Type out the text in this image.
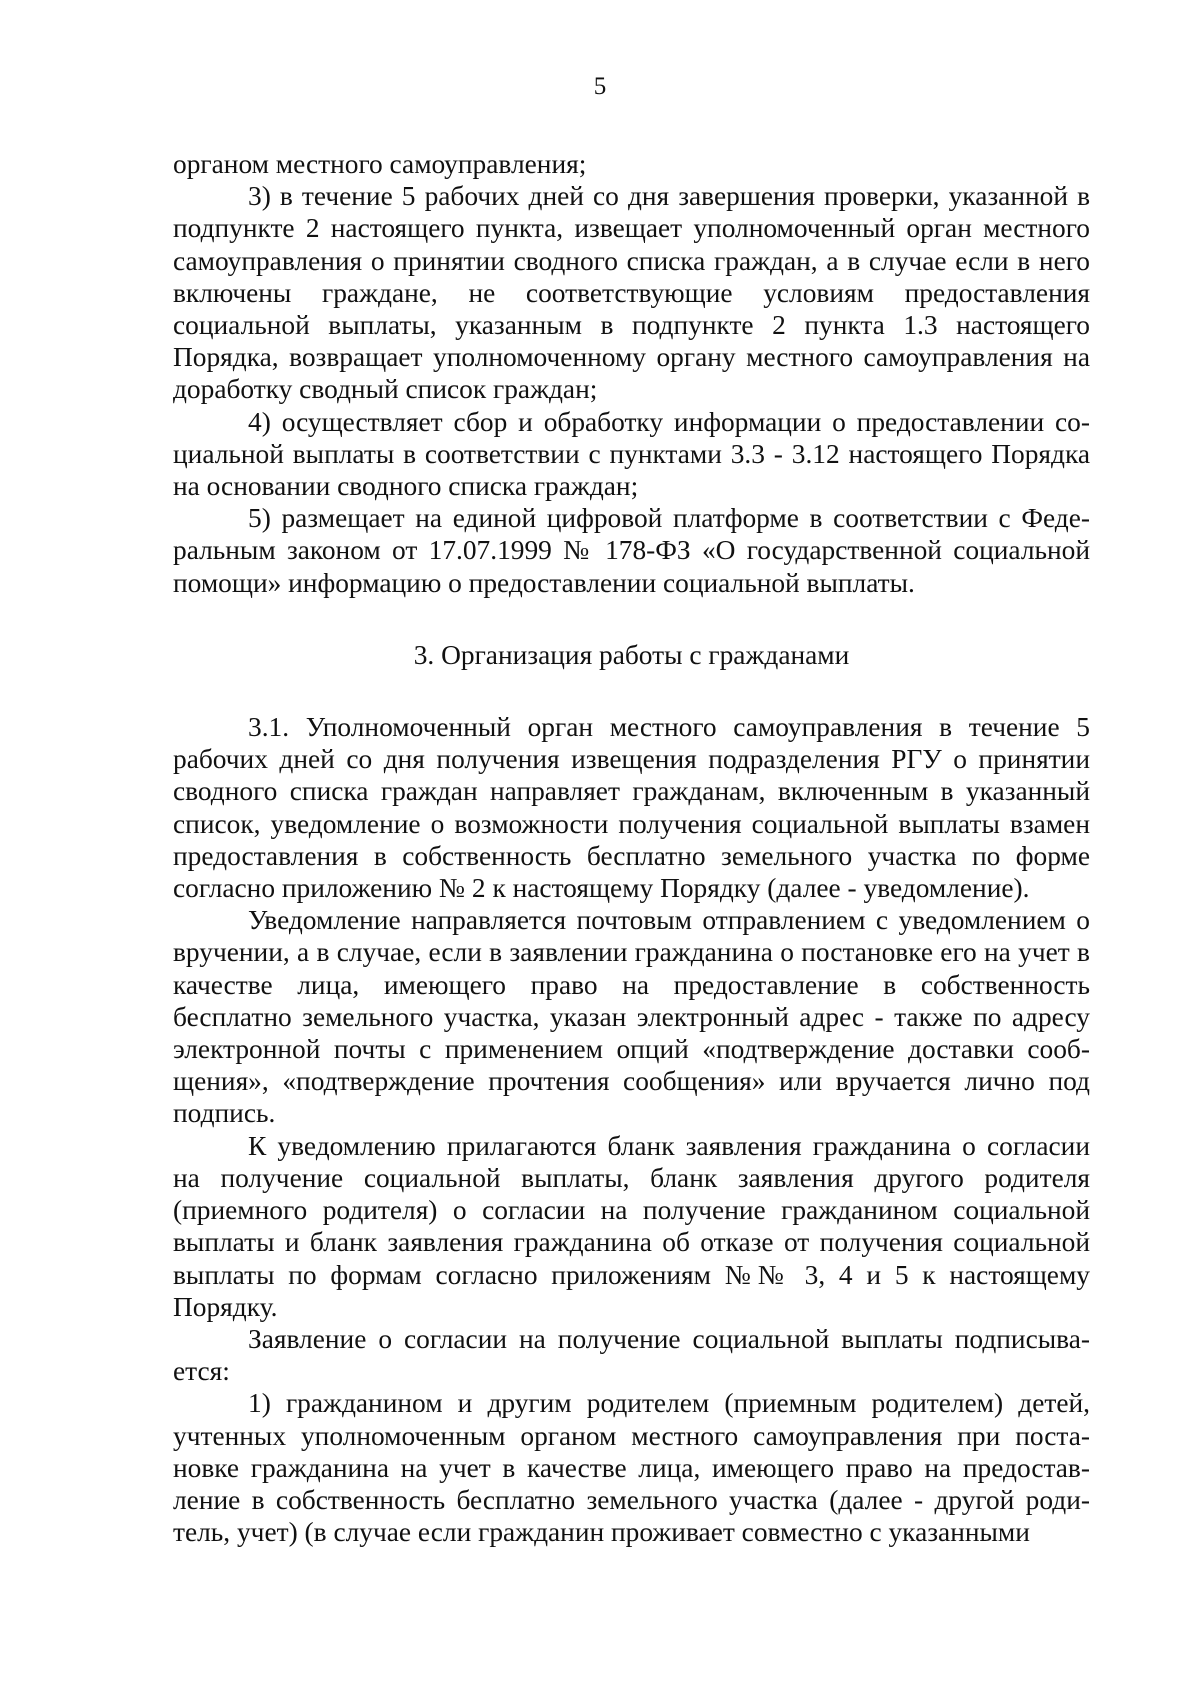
5

органом местного самоуправления;

3) в течение 5 рабочих дней со дня завершения проверки, указанной в подпункте 2 настоящего пункта, извещает уполномоченный орган местного самоуправления о принятии сводного списка граждан, а в случае если в него включены граждане, не соответствующие условиям предоставления социальной выплаты, указанным в подпункте 2 пункта 1.3 настоящего Порядка, возвращает уполномоченному органу местного самоуправления на доработку сводный список граждан;

4) осуществляет сбор и обработку информации о предоставлении социальной выплаты в соответствии с пунктами 3.3 - 3.12 настоящего Порядка на основании сводного списка граждан;

5) размещает на единой цифровой платформе в соответствии с Федеральным законом от 17.07.1999 № 178-ФЗ «О государственной социальной помощи» информацию о предоставлении социальной выплаты.

3. Организация работы с гражданами

3.1. Уполномоченный орган местного самоуправления в течение 5 рабочих дней со дня получения извещения подразделения РГУ о принятии сводного списка граждан направляет гражданам, включенным в указанный список, уведомление о возможности получения социальной выплаты взамен предоставления в собственность бесплатно земельного участка по форме согласно приложению № 2 к настоящему Порядку (далее - уведомление).

Уведомление направляется почтовым отправлением с уведомлением о вручении, а в случае, если в заявлении гражданина о постановке его на учет в качестве лица, имеющего право на предоставление в собственность бесплатно земельного участка, указан электронный адрес - также по адресу электронной почты с применением опций «подтверждение доставки сообщения», «подтверждение прочтения сообщения» или вручается лично под подпись.

К уведомлению прилагаются бланк заявления гражданина о согласии на получение социальной выплаты, бланк заявления другого родителя (приемного родителя) о согласии на получение гражданином социальной выплаты и бланк заявления гражданина об отказе от получения социальной выплаты по формам согласно приложениям №№ 3, 4 и 5 к настоящему Порядку.

Заявление о согласии на получение социальной выплаты подписывается:

1) гражданином и другим родителем (приемным родителем) детей, учтенных уполномоченным органом местного самоуправления при постановке гражданина на учет в качестве лица, имеющего право на предоставление в собственность бесплатно земельного участка (далее - другой родитель, учет) (в случае если гражданин проживает совместно с указанными
